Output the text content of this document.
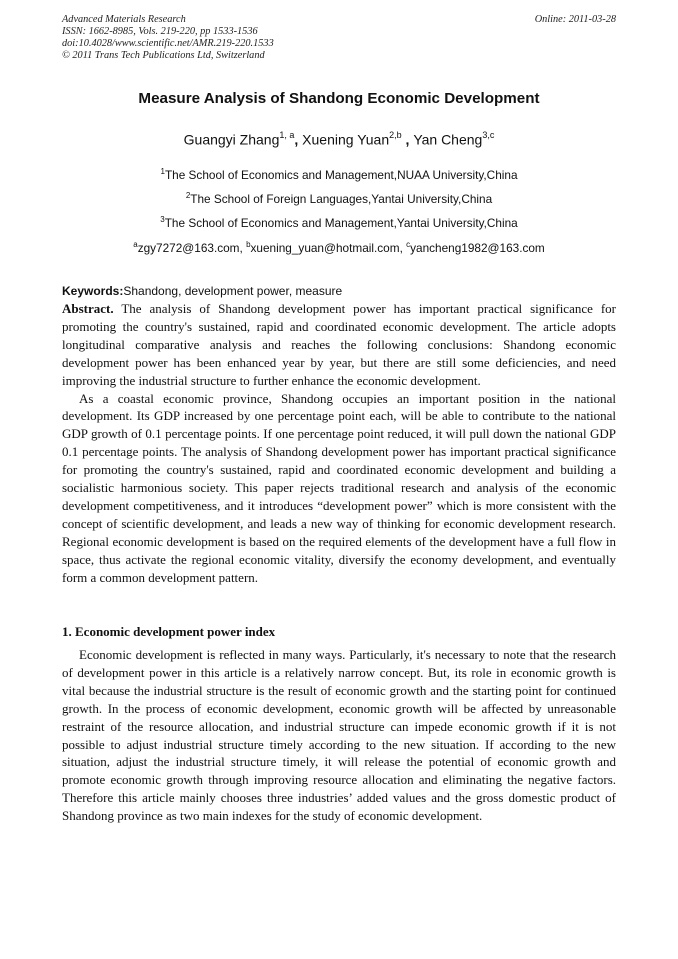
Advanced Materials Research
ISSN: 1662-8985, Vols. 219-220, pp 1533-1536
doi:10.4028/www.scientific.net/AMR.219-220.1533
© 2011 Trans Tech Publications Ltd, Switzerland
Online: 2011-03-28
Measure Analysis of Shandong Economic Development
Guangyi Zhang$^{1, a}$, Xuening Yuan$^{2,b}$ , Yan Cheng$^{3,c}$
$^1$The School of Economics and Management,NUAA University,China
$^2$The School of Foreign Languages,Yantai University,China
$^3$The School of Economics and Management,Yantai University,China
$^a$zgy7272@163.com, $^b$xuening_yuan@hotmail.com, $^c$yancheng1982@163.com
Keywords:Shandong, development power, measure

Abstract. The analysis of Shandong development power has important practical significance for promoting the country's sustained, rapid and coordinated economic development. The article adopts longitudinal comparative analysis and reaches the following conclusions: Shandong economic development power has been enhanced year by year, but there are still some deficiencies, and need improving the industrial structure to further enhance the economic development.

As a coastal economic province, Shandong occupies an important position in the national development. Its GDP increased by one percentage point each, will be able to contribute to the national GDP growth of 0.1 percentage points. If one percentage point reduced, it will pull down the national GDP 0.1 percentage points. The analysis of Shandong development power has important practical significance for promoting the country's sustained, rapid and coordinated economic development and building a socialistic harmonious society. This paper rejects traditional research and analysis of the economic development competitiveness, and it introduces “development power” which is more consistent with the concept of scientific development, and leads a new way of thinking for economic development research. Regional economic development is based on the required elements of the development have a full flow in space, thus activate the regional economic vitality, diversify the economy development, and eventually form a common development pattern.

1. Economic development power index

Economic development is reflected in many ways. Particularly, it's necessary to note that the research of development power in this article is a relatively narrow concept. But, its role in economic growth is vital because the industrial structure is the result of economic growth and the starting point for continued growth. In the process of economic development, economic growth will be affected by unreasonable restraint of the resource allocation, and industrial structure can impede economic growth if it is not possible to adjust industrial structure timely according to the new situation. If according to the new situation, adjust the industrial structure timely, it will release the potential of economic growth and promote economic growth through improving resource allocation and eliminating the negative factors. Therefore this article mainly chooses three industries’ added values and the gross domestic product of Shandong province as two main indexes for the study of economic development.
